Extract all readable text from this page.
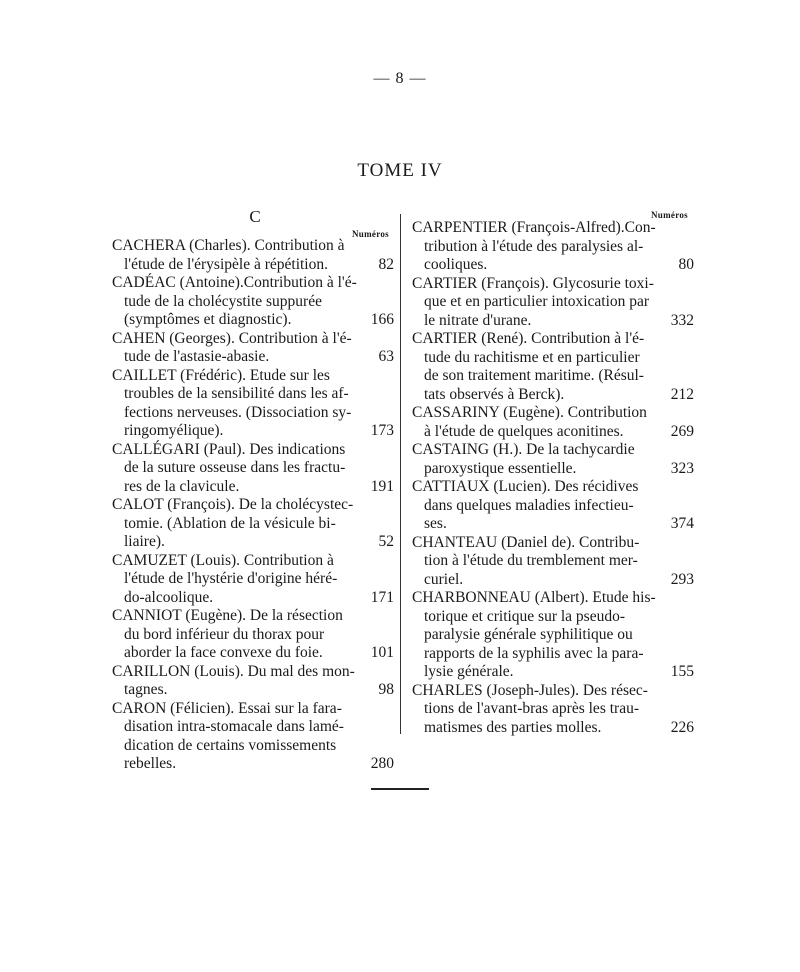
— 8 —
TOME IV
C
Numéros
Numéros
CACHERA (Charles). Contribution à
l'étude de l'érysipèle à répétition.	82
CADÉAC (Antoine).Contribution à l'é-
tude de la cholécystite suppurée
(symptômes et diagnostic).	166
CAHEN (Georges). Contribution à l'é-
tude de l'astasie-abasie.	63
CAILLET (Frédéric). Etude sur les
troubles de la sensibilité dans les af-
fections nerveuses. (Dissociation sy-
ringomyélique).	173
CALLÉGARI (Paul). Des indications
de la suture osseuse dans les fractu-
res de la clavicule.	191
CALOT (François). De la cholécystec-
tomie. (Ablation de la vésicule bi-
liaire).	52
CAMUZET (Louis). Contribution à
l'étude de l'hystérie d'origine héré-
do-alcoolique.	171
CANNIOT (Eugène). De la résection
du bord inférieur du thorax pour
aborder la face convexe du foie.	101
CARILLON (Louis). Du mal des mon-
tagnes.	98
CARON (Félicien). Essai sur la fara-
disation intra-stomacale dans lamé-
dication de certains vomissements
rebelles.	280
CARPENTIER (François-Alfred).Con-
tribution à l'étude des paralysies al-
cooliques.	80
CARTIER (François). Glycosurie toxi-
que et en particulier intoxication par
le nitrate d'urane.	332
CARTIER (René). Contribution à l'é-
tude du rachitisme et en particulier
de son traitement maritime. (Résul-
tats observés à Berck).	212
CASSARINY (Eugène). Contribution
à l'étude de quelques aconitines.	269
CASTAING (H.). De la tachycardie
paroxystique essentielle.	323
CATTIAUX (Lucien). Des récidives
dans quelques maladies infectieu-
ses.	374
CHANTEAU (Daniel de). Contribu-
tion à l'étude du tremblement mer-
curiel.	293
CHARBONNEAU (Albert). Etude his-
torique et critique sur la pseudo-
paralysie générale syphilitique ou
rapports de la syphilis avec la para-
lysie générale.	155
CHARLES (Joseph-Jules). Des résec-
tions de l'avant-bras après les trau-
matismes des parties molles.	226
